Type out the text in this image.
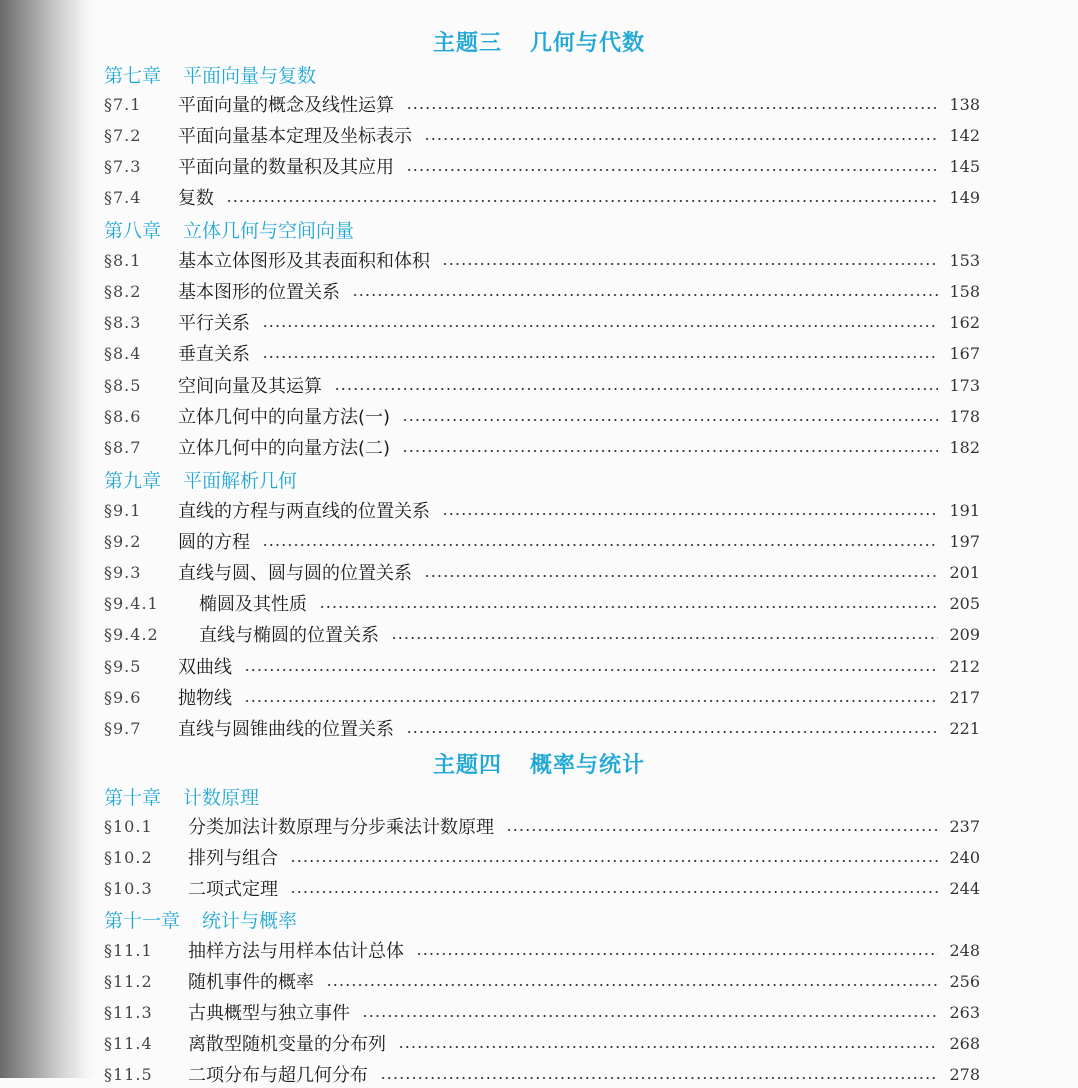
主题三 几何与代数
第七章 平面向量与复数
§7.1	平面向量的概念及线性运算	138
§7.2	平面向量基本定理及坐标表示	142
§7.3	平面向量的数量积及其应用	145
§7.4	复数	149
第八章 立体几何与空间向量
§8.1	基本立体图形及其表面积和体积	153
§8.2	基本图形的位置关系	158
§8.3	平行关系	162
§8.4	垂直关系	167
§8.5	空间向量及其运算	173
§8.6	立体几何中的向量方法(一)	178
§8.7	立体几何中的向量方法(二)	182
第九章 平面解析几何
§9.1	直线的方程与两直线的位置关系	191
§9.2	圆的方程	197
§9.3	直线与圆、圆与圆的位置关系	201
§9.4.1	椭圆及其性质	205
§9.4.2	直线与椭圆的位置关系	209
§9.5	双曲线	212
§9.6	抛物线	217
§9.7	直线与圆锥曲线的位置关系	221
主题四 概率与统计
第十章 计数原理
§10.1	分类加法计数原理与分步乘法计数原理	237
§10.2	排列与组合	240
§10.3	二项式定理	244
第十一章 统计与概率
§11.1	抽样方法与用样本估计总体	248
§11.2	随机事件的概率	256
§11.3	古典概型与独立事件	263
§11.4	离散型随机变量的分布列	268
§11.5	二项分布与超几何分布	278
